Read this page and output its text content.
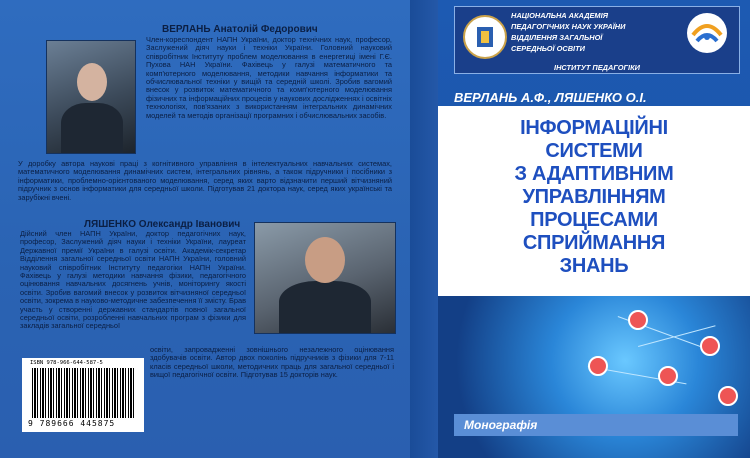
ВЕРЛАНЬ Анатолій Федорович
Член-кореспондент НАПН України, доктор технічних наук, професор, Заслужений діяч науки і техніки України. Головний науковий співробітник Інституту проблем моделювання в енергетиці імені Г.Є. Пухова НАН України. Фахівець у галузі математичного та комп'ютерного моделювання, методики навчання інформатики та обчислювальної техніки у вищій та середній школі. Зробив вагомий внесок у розвиток математичного та комп'ютерного моделювання фізичних та інформаційних процесів у наукових дослідженнях і освітніх технологіях, пов'язаних з використанням інтегральних динамічних моделей та методів організації програмних і обчислювальних засобів.
У доробку автора наукові праці з когнітивного управління в інтелектуальних навчальних системах, математичного моделювання динамічних систем, інтегральних рівнянь, а також підручники і посібники з інформатики, проблемно-орієнтованого моделювання, серед яких варто відзначити перший вітчизняний підручник з основ інформатики для середньої школи. Підготував 21 доктора наук, серед яких українські та зарубіжні вчені.
ЛЯШЕНКО Олександр Іванович
Дійсний член НАПН України, доктор педагогічних наук, професор, Заслужений діяч науки і техніки України, лауреат Державної премії України в галузі освіти. Академік-секретар Відділення загальної середньої освіти НАПН України, головний науковий співробітник Інституту педагогіки НАПН України. Фахівець у галузі методики навчання фізики, педагогічного оцінювання навчальних досягнень учнів, моніторингу якості освіти. Зробив вагомий внесок у розвиток вітчизняної середньої освіти, зокрема в науково-методичне забезпечення її змісту. Брав участь у створенні державних стандартів повної загальної середньої освіти, розробленні навчальних програм з фізики для закладів загальної середньої
освіти, запровадженні зовнішнього незалежного оцінювання здобувачів освіти. Автор двох поколінь підручників з фізики для 7-11 класів середньої школи, методичних праць для загальної середньої і вищої педагогічної освіти. Підготував 15 докторів наук.
ISBN 978-966-644-587-5
9 789666 445875
НАЦІОНАЛЬНА АКАДЕМІЯ
ПЕДАГОГІЧНИХ НАУК УКРАЇНИ
ВІДДІЛЕННЯ ЗАГАЛЬНОЇ
СЕРЕДНЬОЇ ОСВІТИ
ІНСТИТУТ ПЕДАГОГІКИ
ВЕРЛАНЬ А.Ф., ЛЯШЕНКО О.І.
ІНФОРМАЦІЙНІ
СИСТЕМИ
З АДАПТИВНИМ
УПРАВЛІННЯМ
ПРОЦЕСАМИ
СПРИЙМАННЯ
ЗНАНЬ
Монографія
